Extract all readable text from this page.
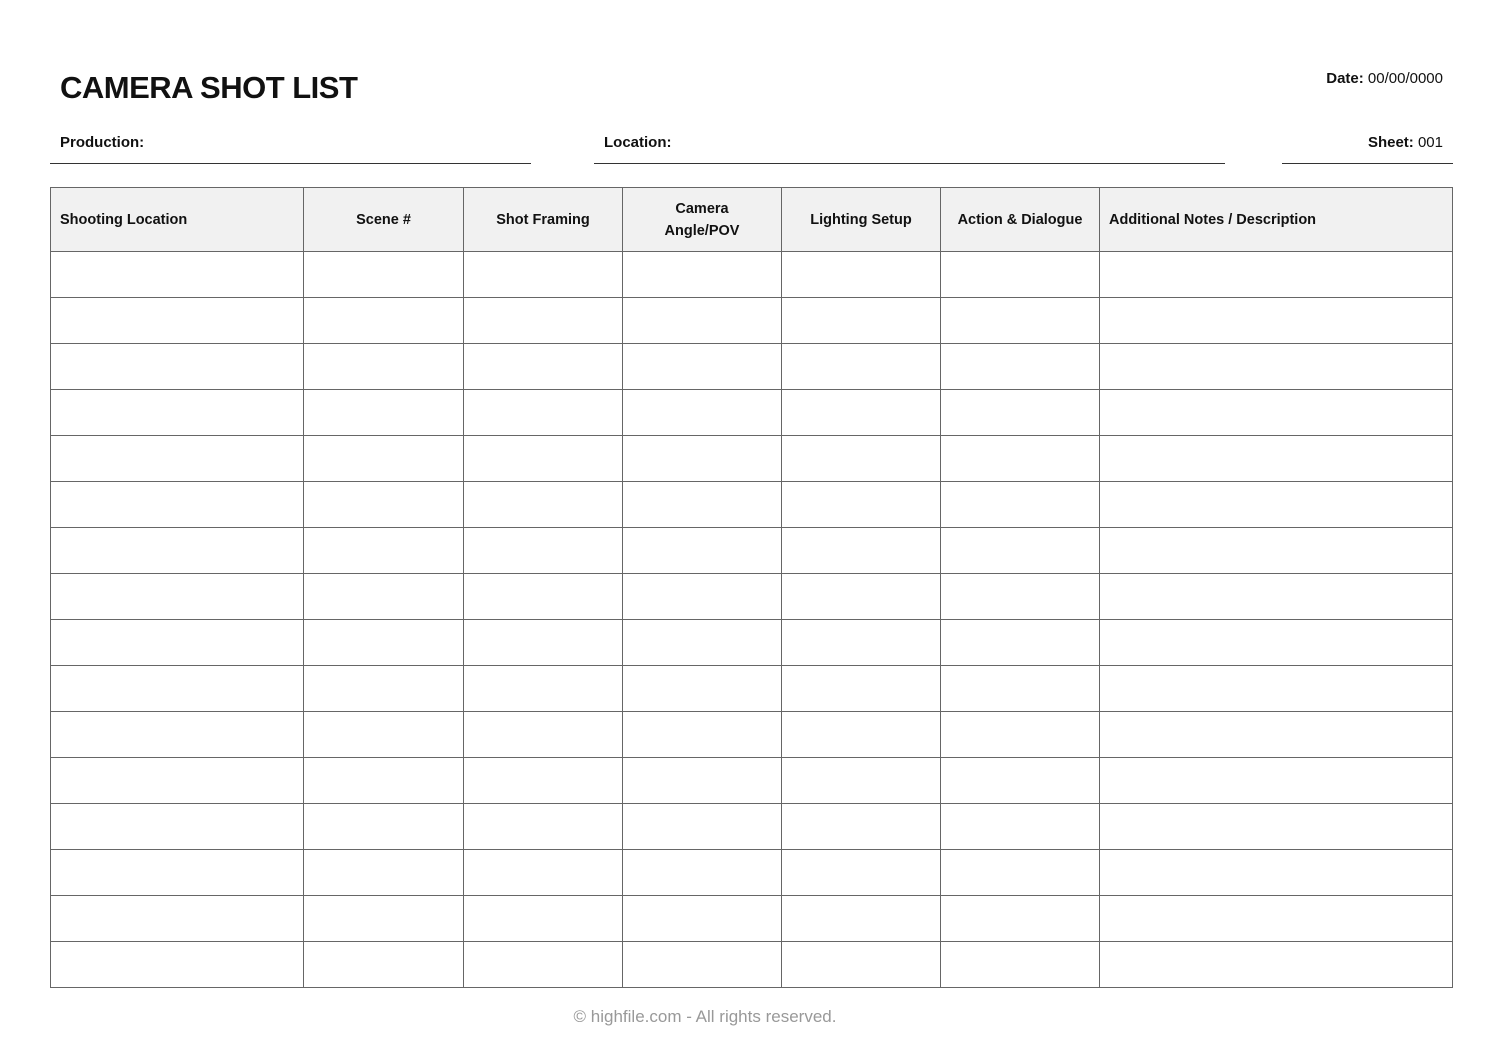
CAMERA SHOT LIST	Date: 00/00/0000
Production:	Location:	Sheet: 001
Shooting Location	Scene #	Shot Framing	Camera Angle/POV	Lighting Setup	Action & Dialogue	Additional Notes / Description

© highfile.com - All rights reserved.
